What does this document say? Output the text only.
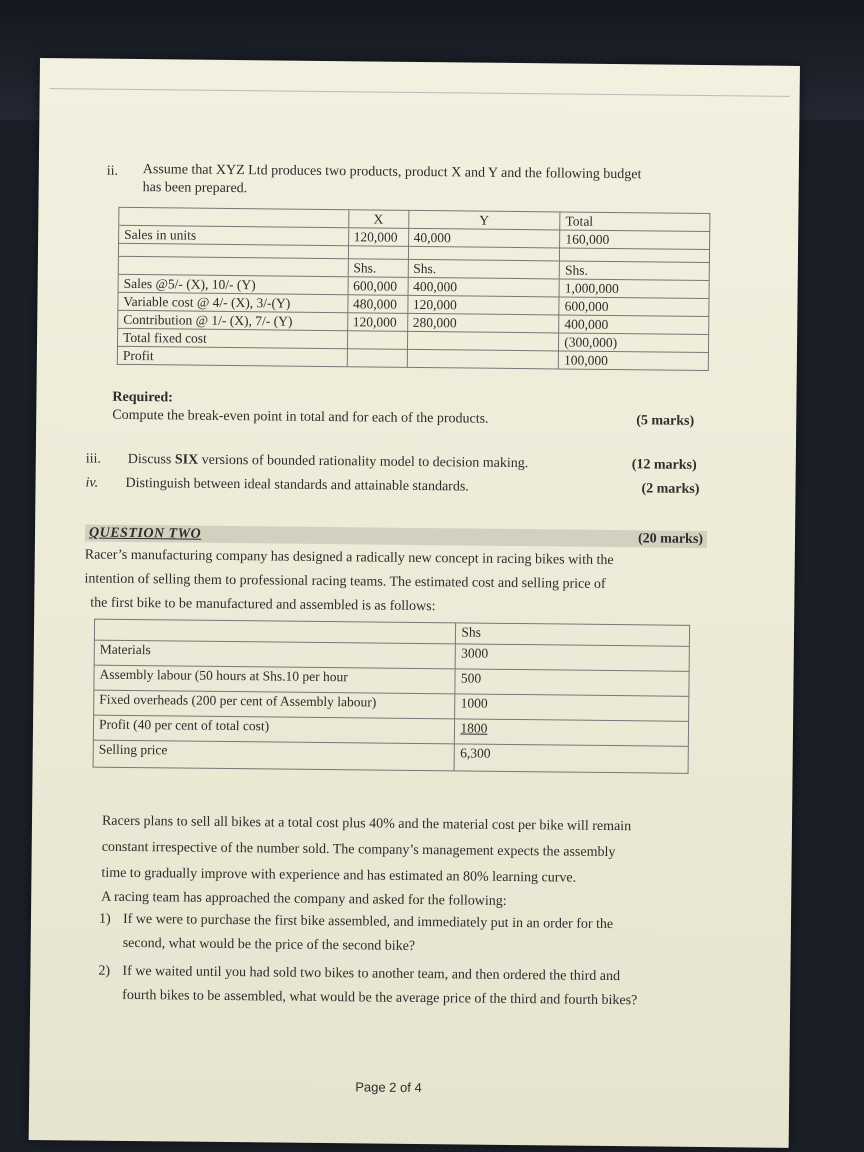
ii. Assume that XYZ Ltd produces two products, product X and Y and the following budget
has been prepared.
	X	Y	Total
Sales in units	120,000	40,000	160,000

	Shs.	Shs.	Shs.
Sales @5/- (X), 10/- (Y)	600,000	400,000	1,000,000
Variable cost @ 4/- (X), 3/-(Y)	480,000	120,000	600,000
Contribution @ 1/- (X), 7/- (Y)	120,000	280,000	400,000
Total fixed cost			(300,000)
Profit			100,000
Required:
Compute the break-even point in total and for each of the products.	(5 marks)
iii. Discuss SIX versions of bounded rationality model to decision making.	(12 marks)
iv. Distinguish between ideal standards and attainable standards.	(2 marks)
QUESTION TWO	(20 marks)
Racer’s manufacturing company has designed a radically new concept in racing bikes with the
intention of selling them to professional racing teams. The estimated cost and selling price of
the first bike to be manufactured and assembled is as follows:
	Shs
Materials	3000
Assembly labour (50 hours at Shs.10 per hour	500
Fixed overheads (200 per cent of Assembly labour)	1000
Profit (40 per cent of total cost)	1800
Selling price	6,300
Racers plans to sell all bikes at a total cost plus 40% and the material cost per bike will remain
constant irrespective of the number sold. The company’s management expects the assembly
time to gradually improve with experience and has estimated an 80% learning curve.
A racing team has approached the company and asked for the following:
1) If we were to purchase the first bike assembled, and immediately put in an order for the
second, what would be the price of the second bike?
2) If we waited until you had sold two bikes to another team, and then ordered the third and
fourth bikes to be assembled, what would be the average price of the third and fourth bikes?
Page 2 of 4
